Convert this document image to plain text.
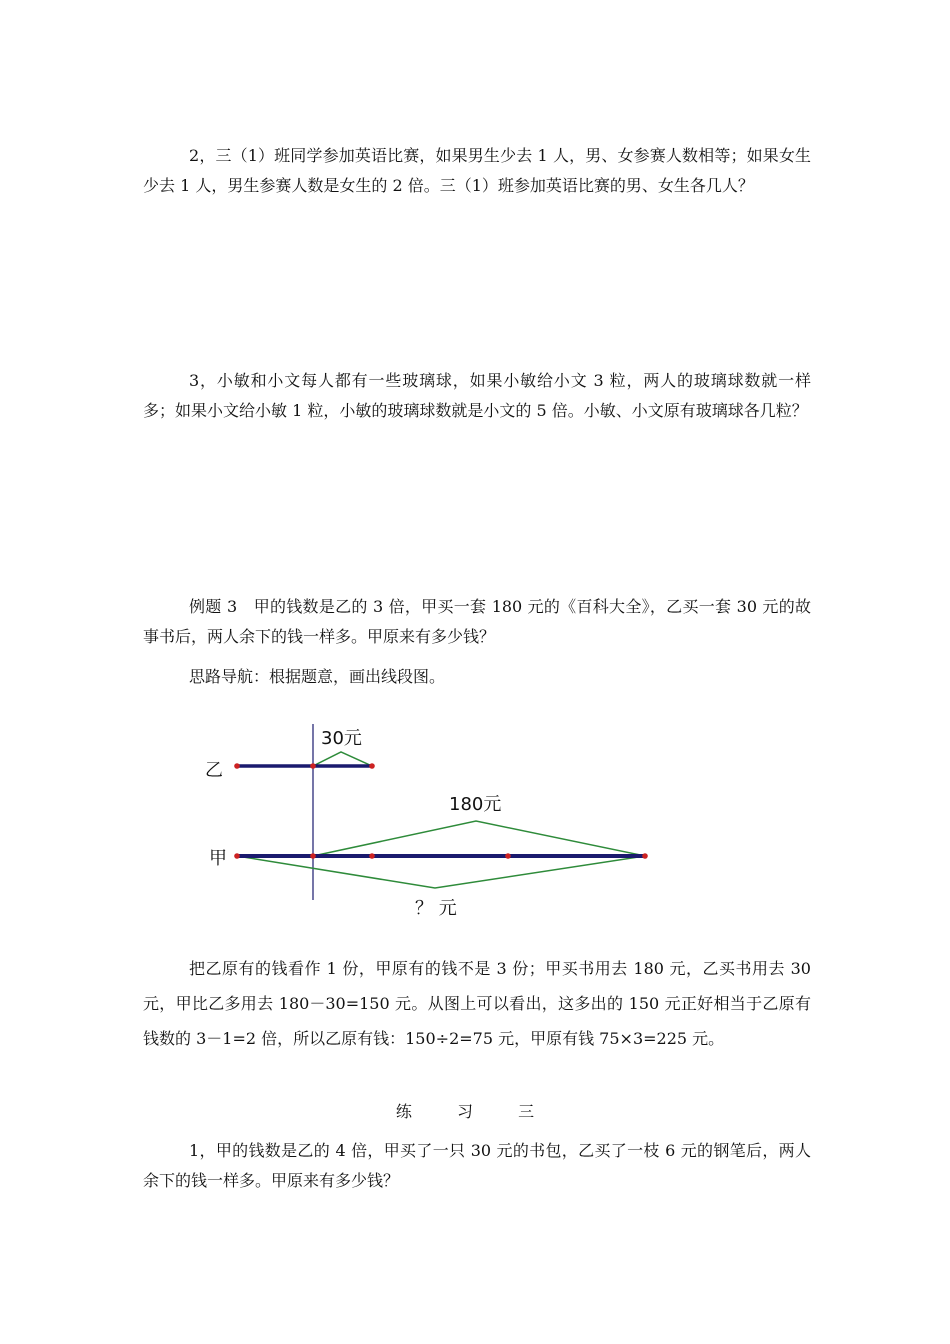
2，三（1）班同学参加英语比赛，如果男生少去 1 人，男、女参赛人数相等；如果女生少去 1 人，男生参赛人数是女生的 2 倍。三（1）班参加英语比赛的男、女生各几人？

3，小敏和小文每人都有一些玻璃球，如果小敏给小文 3 粒，两人的玻璃球数就一样多；如果小文给小敏 1 粒，小敏的玻璃球数就是小文的 5 倍。小敏、小文原有玻璃球各几粒？

例题 3　甲的钱数是乙的 3 倍，甲买一套 180 元的《百科大全》，乙买一套 30 元的故事书后，两人余下的钱一样多。甲原来有多少钱？

思路导航：根据题意，画出线段图。

乙
甲
30元
180元
？ 元

把乙原有的钱看作 1 份，甲原有的钱不是 3 份；甲买书用去 180 元，乙买书用去 30 元，甲比乙多用去 180－30=150 元。从图上可以看出，这多出的 150 元正好相当于乙原有钱数的 3－1=2 倍，所以乙原有钱：150÷2=75 元，甲原有钱 75×3=225 元。

练 习 三

1，甲的钱数是乙的 4 倍，甲买了一只 30 元的书包，乙买了一枝 6 元的钢笔后，两人余下的钱一样多。甲原来有多少钱？
